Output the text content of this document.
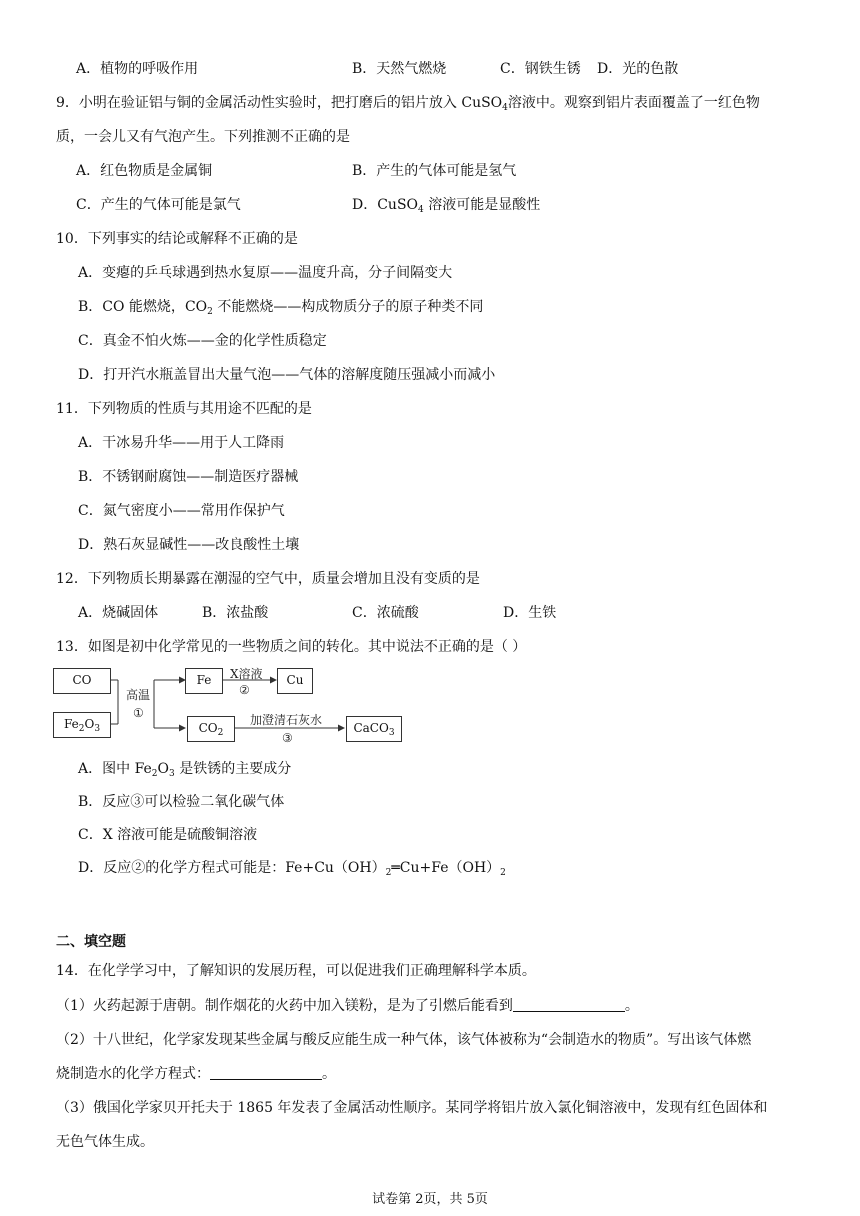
A．植物的呼吸作用	B．天然气燃烧	C．钢铁生锈 D．光的色散
9．小明在验证铝与铜的金属活动性实验时，把打磨后的铝片放入 CuSO$_4$溶液中。观察到铝片表面覆盖了一红色物
质，一会儿又有气泡产生。下列推测不正确的是
A．红色物质是金属铜	B．产生的气体可能是氢气
C．产生的气体可能是氯气	D．CuSO$_4$ 溶液可能是显酸性
10．下列事实的结论或解释不正确的是
A．变瘪的乒乓球遇到热水复原——温度升高，分子间隔变大
B．CO 能燃烧，$CO_2$ 不能燃烧——构成物质分子的原子种类不同
C．真金不怕火炼——金的化学性质稳定
D．打开汽水瓶盖冒出大量气泡——气体的溶解度随压强减小而减小
11．下列物质的性质与其用途不匹配的是
A．干冰易升华——用于人工降雨
B．不锈钢耐腐蚀——制造医疗器械
C．氮气密度小——常用作保护气
D．熟石灰显碱性——改良酸性土壤
12．下列物质长期暴露在潮湿的空气中，质量会增加且没有变质的是
A．烧碱固体	B．浓盐酸	C．浓硫酸	D．生铁
13．如图是初中化学常见的一些物质之间的转化。其中说法不正确的是（ ）
CO
$Fe_2O_3$
高温
①
Fe	X溶液
②
Cu
$CO_2$
加澄清石灰水
③
CaCO$_3$
A．图中 $Fe_2O_3$ 是铁锈的主要成分
B．反应③可以检验二氧化碳气体
C．X 溶液可能是硫酸铜溶液
D．反应②的化学方程式可能是：$Fe+Cu(OH)_2═Cu+Fe(OH)_2$
二、填空题
14．在化学学习中，了解知识的发展历程，可以促进我们正确理解科学本质。
（1）火药起源于唐朝。制作烟花的火药中加入镁粉，是为了引燃后能看到	。
（2）十八世纪，化学家发现某些金属与酸反应能生成一种气体，该气体被称为“会制造水的物质”。写出该气体燃
烧制造水的化学方程式：	。
（3）俄国化学家贝开托夫于 1865 年发表了金属活动性顺序。某同学将铝片放入氯化铜溶液中，发现有红色固体和
无色气体生成。
试卷第 2页，共 5页
